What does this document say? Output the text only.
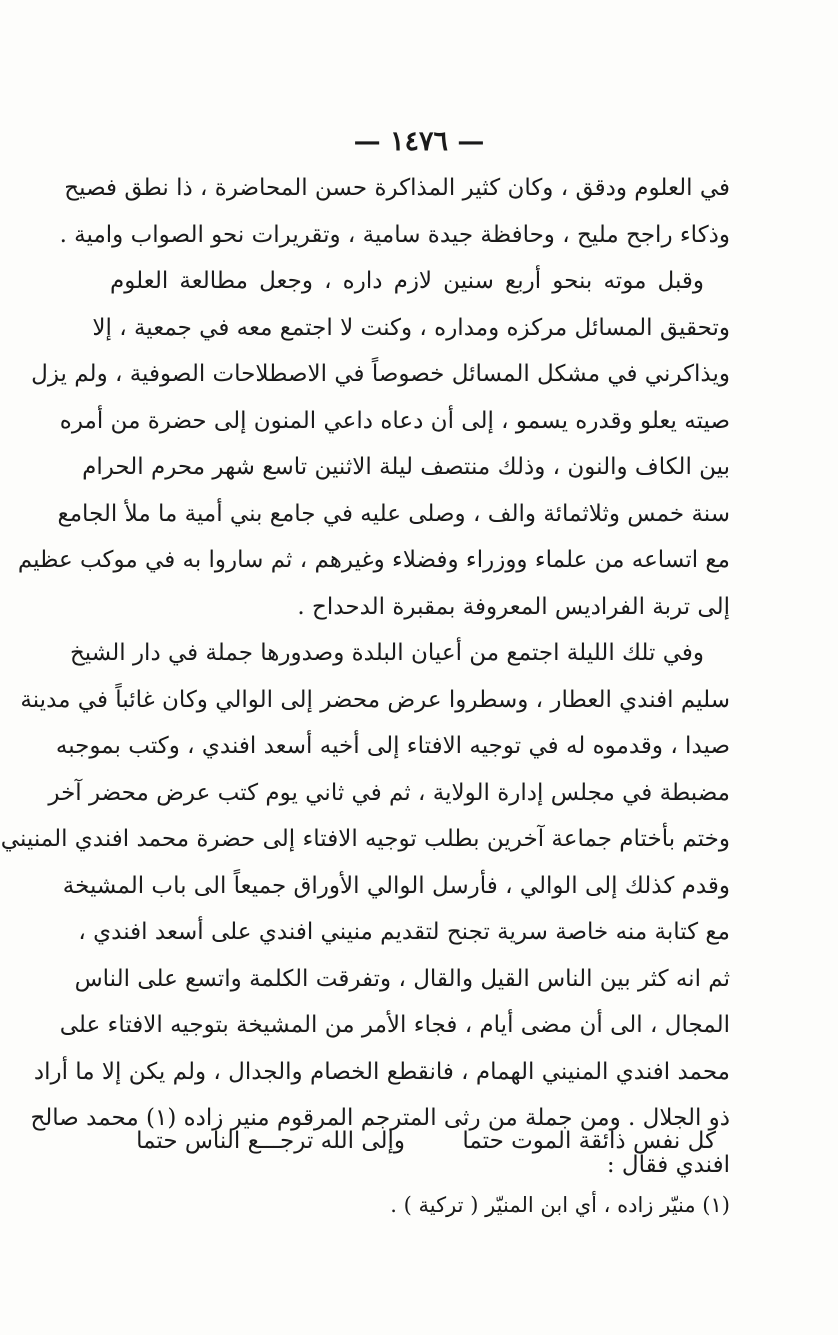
— ١٤٧٦ —
في العلوم ودقق ، وكان كثير المذاكرة حسن المحاضرة ، ذا نطق فصيح
وذكاء راجح مليح ، وحافظة جيدة سامية ، وتقريرات نحو الصواب وامية .
وقبل موته بنحو أربع سنين لازم داره ، وجعل مطالعة العلوم
وتحقيق المسائل مركزه ومداره ، وكنت لا اجتمع معه في جمعية ، إلا
ويذاكرني في مشكل المسائل خصوصاً في الاصطلاحات الصوفية ، ولم يزل
صيته يعلو وقدره يسمو ، إلى أن دعاه داعي المنون إلى حضرة من أمره
بين الكاف والنون ، وذلك منتصف ليلة الاثنين تاسع شهر محرم الحرام
سنة خمس وثلاثمائة والف ، وصلى عليه في جامع بني أمية ما ملأ الجامع
مع اتساعه من علماء ووزراء وفضلاء وغيرهم ، ثم ساروا به في موكب عظيم
إلى تربة الفراديس المعروفة بمقبرة الدحداح .
وفي تلك الليلة اجتمع من أعيان البلدة وصدورها جملة في دار الشيخ
سليم افندي العطار ، وسطروا عرض محضر إلى الوالي وكان غائباً في مدينة
صيدا ، وقدموه له في توجيه الافتاء إلى أخيه أسعد افندي ، وكتب بموجبه
مضبطة في مجلس إدارة الولاية ، ثم في ثاني يوم كتب عرض محضر آخر
وختم بأختام جماعة آخرين بطلب توجيه الافتاء إلى حضرة محمد افندي المنيني
وقدم كذلك إلى الوالي ، فأرسل الوالي الأوراق جميعاً الى باب المشيخة
مع كتابة منه خاصة سرية تجنح لتقديم منيني افندي على أسعد افندي ،
ثم انه كثر بين الناس القيل والقال ، وتفرقت الكلمة واتسع على الناس
المجال ، الى أن مضى أيام ، فجاء الأمر من المشيخة بتوجيه الافتاء على
محمد افندي المنيني الهمام ، فانقطع الخصام والجدال ، ولم يكن إلا ما أراد
ذو الجلال . ومن جملة من رثى المترجم المرقوم منير زاده (١) محمد صالح
افندي فقال :
كل نفس ذائقة الموت حتما
وإلى الله ترجـــع الناس حتما
(١) منيّر زاده ، أي ابن المنيّر ( تركية ) .
